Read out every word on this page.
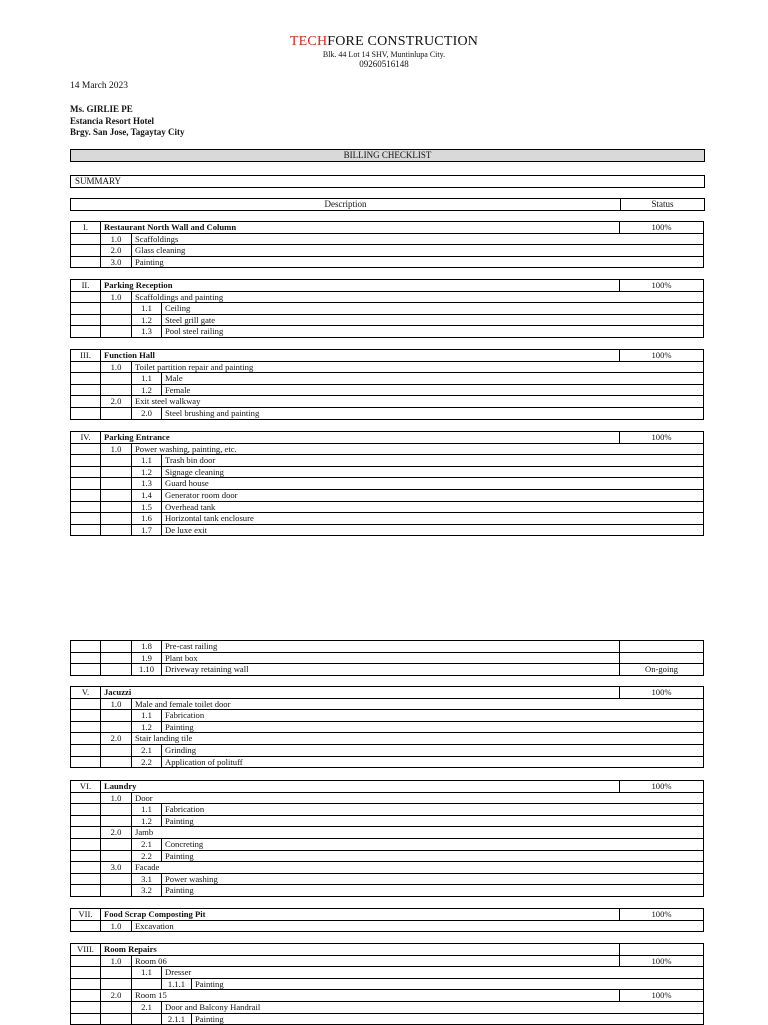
TECHFORE CONSTRUCTION
Blk. 44 Lot 14 SHV, Muntinlupa City.
09260516148
14 March 2023
Ms. GIRLIE PE
Estancia Resort Hotel
Brgy. San Jose, Tagaytay City
BILLING CHECKLIST
SUMMARY
Description	Status
I.	Restaurant North Wall and Column		100%
	1.0	Scaffoldings	
	2.0	Glass cleaning	
	3.0	Painting	
II.	Parking Reception			100%
	1.0	Scaffoldings and painting		
		1.1	Ceiling	
		1.2	Steel grill gate	
		1.3	Pool steel railing	
III.	Function Hall			100%
	1.0	Toilet partition repair and painting		
		1.1	Male	
		1.2	Female	
	2.0	Exit steel walkway		
		2.0	Steel brushing and painting	
IV.	Parking Entrance			100%
	1.0	Power washing, painting, etc.		
		1.1	Trash bin door	
		1.2	Signage cleaning	
		1.3	Guard house	
		1.4	Generator room door	
		1.5	Overhead tank	
		1.6	Horizontal tank enclosure	
		1.7	De luxe exit	
		1.8	Pre-cast railing	
		1.9	Plant box	
		1.10	Driveway retaining wall	On-going
V.	Jacuzzi			100%
	1.0	Male and female toilet door		
		1.1	Fabrication	
		1.2	Painting	
	2.0	Stair landing tile		
		2.1	Grinding	
		2.2	Application of polituff	
VI.	Laundry			100%
	1.0	Door		
		1.1	Fabrication	
		1.2	Painting	
	2.0	Jamb		
		2.1	Concreting	
		2.2	Painting	
	3.0	Facade		
		3.1	Power washing	
		3.2	Painting	
VII.	Food Scrap Composting Pit		100%
	1.0	Excavation	
VIII.	Room Repairs				
	1.0	Room 06			100%
		1.1	Dresser		
			1.1.1	Painting	
	2.0	Room 15			100%
		2.1	Door and Balcony Handrail		
			2.1.1	Painting	
